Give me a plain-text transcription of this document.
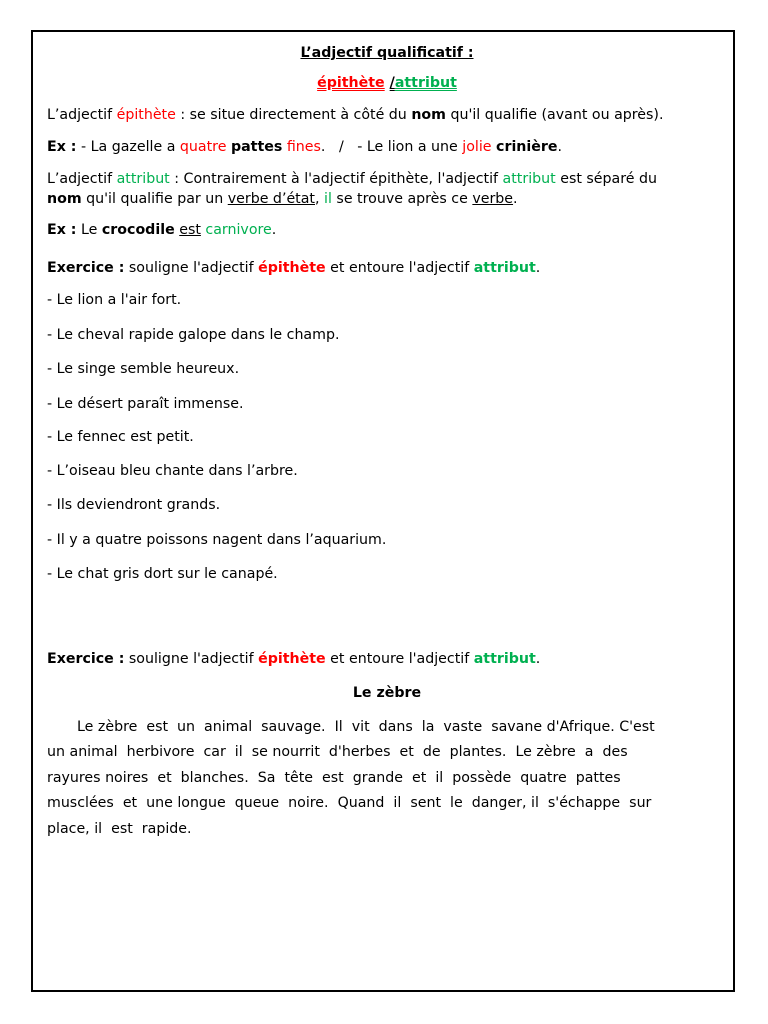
L’adjectif qualificatif :
épithète /attribut
L’adjectif épithète : se situe directement à côté du nom qu'il qualifie (avant ou après).
Ex : - La gazelle a quatre pattes fines.   /   - Le lion a une jolie crinière.
L’adjectif attribut : Contrairement à l'adjectif épithète, l'adjectif attribut est séparé du
nom qu'il qualifie par un verbe d’état, il se trouve après ce verbe.
Ex : Le crocodile est carnivore.
Exercice : souligne l'adjectif épithète et entoure l'adjectif attribut.
- Le lion a l'air fort.
- Le cheval rapide galope dans le champ.
- Le singe semble heureux.
- Le désert paraît immense.
- Le fennec est petit.
- L’oiseau bleu chante dans l’arbre.
- Ils deviendront grands.
- Il y a quatre poissons nagent dans l’aquarium.
- Le chat gris dort sur le canapé.
Exercice : souligne l'adjectif épithète et entoure l'adjectif attribut.
Le zèbre
Le zèbre  est  un  animal  sauvage.  Il  vit  dans  la  vaste  savane d'Afrique. C'est
un animal  herbivore  car  il  se nourrit  d'herbes  et  de  plantes.  Le zèbre  a  des
rayures noires  et  blanches.  Sa  tête  est  grande  et  il  possède  quatre  pattes
musclées  et  une longue  queue  noire.  Quand  il  sent  le  danger, il  s'échappe  sur
place, il  est  rapide.
